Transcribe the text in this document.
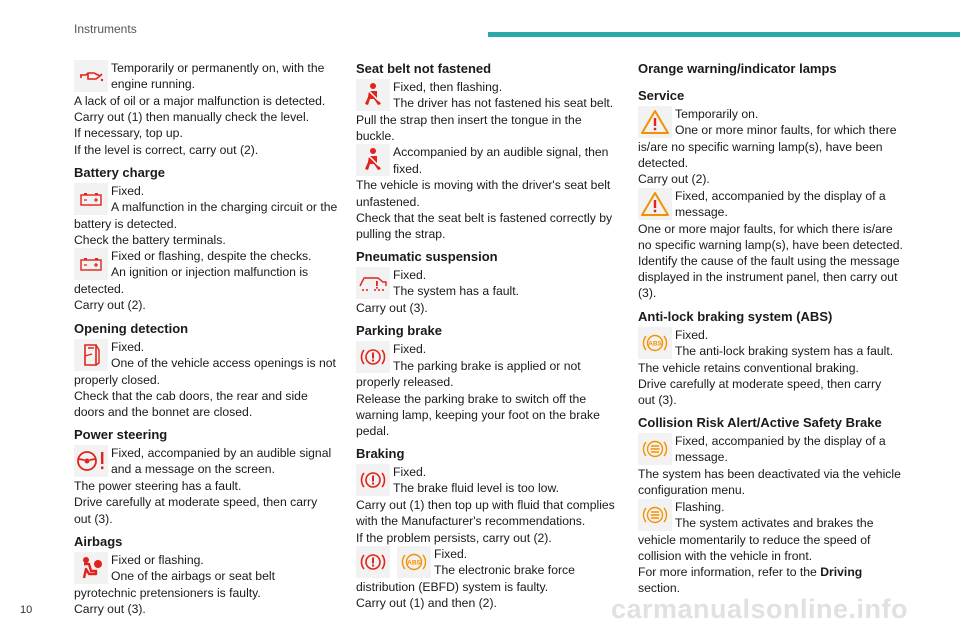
Instruments

Temporarily or permanently on, with the

engine running.

A lack of oil or a major malfunction is detected.

Carry out (1) then manually check the level.

If necessary, top up.

If the level is correct, carry out (2).

Battery charge

Fixed.

A malfunction in the charging circuit or the

battery is detected.

Check the battery terminals.

Fixed or flashing, despite the checks.

An ignition or injection malfunction is

detected.

Carry out (2).

Opening detection

Fixed.

One of the vehicle access openings is not

properly closed.

Check that the cab doors, the rear and side

doors and the bonnet are closed.

Power steering

Fixed, accompanied by an audible signal

and a message on the screen.

The power steering has a fault.

Drive carefully at moderate speed, then carry

out (3).

Airbags

Fixed or flashing.

One of the airbags or seat belt

pyrotechnic pretensioners is faulty.

Carry out (3).

Seat belt not fastened

Fixed, then flashing.

The driver has not fastened his seat belt.

Pull the strap then insert the tongue in the

buckle.

Accompanied by an audible signal, then

fixed.

The vehicle is moving with the driver's seat belt

unfastened.

Check that the seat belt is fastened correctly by

pulling the strap.

Pneumatic suspension

Fixed.

The system has a fault.

Carry out (3).

Parking brake

Fixed.

The parking brake is applied or not

properly released.

Release the parking brake to switch off the

warning lamp, keeping your foot on the brake

pedal.

Braking

Fixed.

The brake fluid level is too low.

Carry out (1) then top up with fluid that complies

with the Manufacturer's recommendations.

If the problem persists, carry out (2).

ABS

Fixed.

The electronic brake force

distribution (EBFD) system is faulty.

Carry out (1) and then (2).

Orange warning/indicator lamps
Service

Temporarily on.

One or more minor faults, for which there

is/are no specific warning lamp(s), have been

detected.

Carry out (2).

Fixed, accompanied by the display of a

message.

One or more major faults, for which there is/are

no specific warning lamp(s), have been detected.

Identify the cause of the fault using the message

displayed in the instrument panel, then carry out

(3).

Anti-lock braking system (ABS)
ABS

Fixed.

The anti-lock braking system has a fault.

The vehicle retains conventional braking.

Drive carefully at moderate speed, then carry

out (3).

Collision Risk Alert/Active Safety Brake

Fixed, accompanied by the display of a

message.

The system has been deactivated via the vehicle

configuration menu.

Flashing.

The system activates and brakes the

vehicle momentarily to reduce the speed of

collision with the vehicle in front.

For more information, refer to the Driving

section.

10	carmanualsonline.info
